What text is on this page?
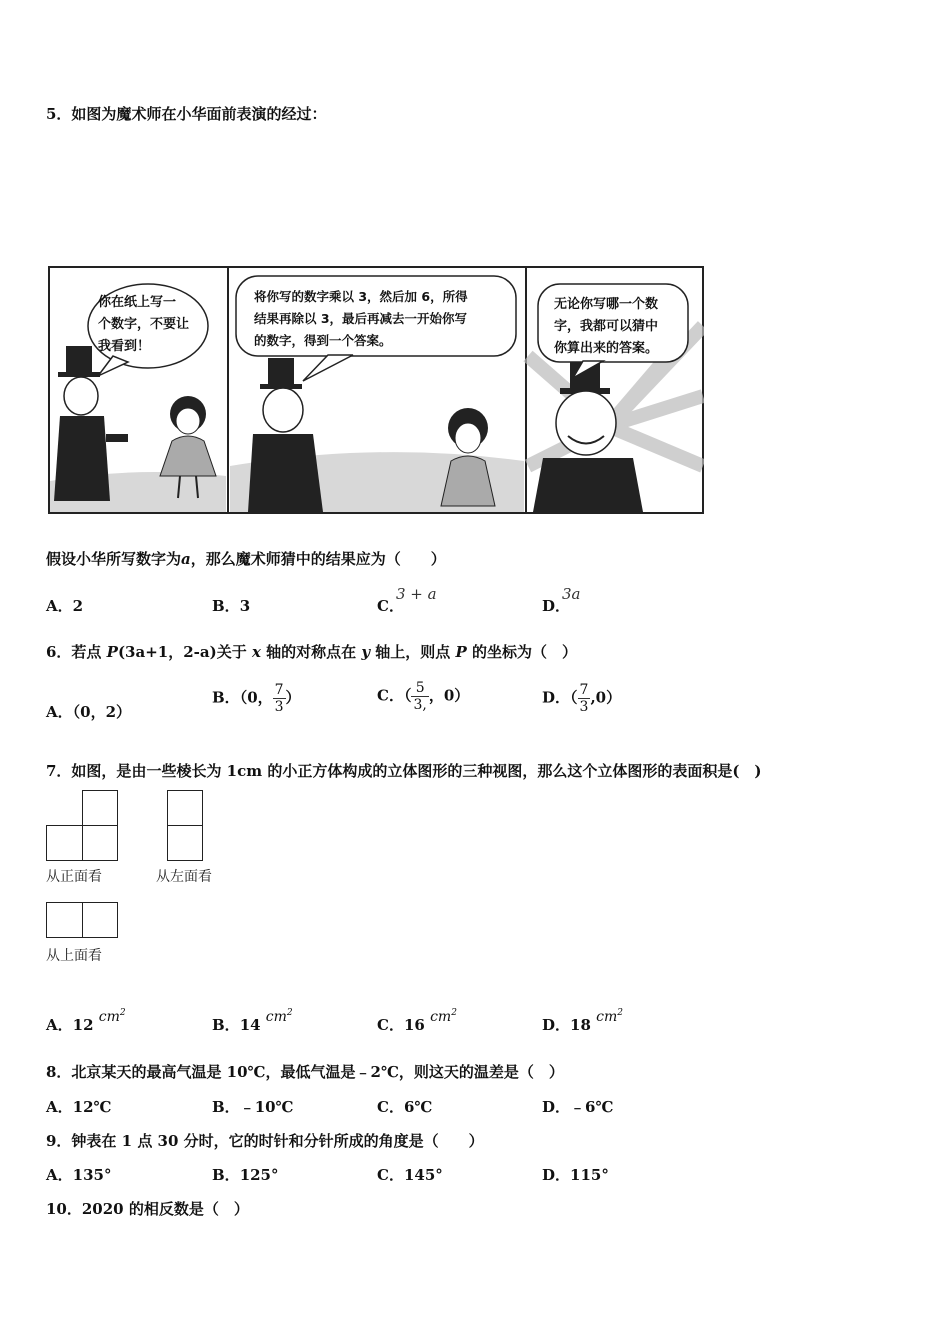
5．如图为魔术师在小华面前表演的经过：
你在纸上写一
个数字，不要让
我看到！
将你写的数字乘以 3，然后加 6，所得
结果再除以 3，最后再减去一开始你写
的数字，得到一个答案。
无论你写哪一个数
字，我都可以猜中
你算出来的答案。
假设小华所写数字为a，那么魔术师猜中的结果应为（　　）
A．2	B．3	C．3 + a
D．3a
6．若点 P(3a+1，2-a)关于 x 轴的对称点在 y 轴上，则点 P 的坐标为（　）
A．（0，2）
B．（0， $\frac{7}{3}$ ）	C．（ $\frac{5}{3,}$ ，0）	D．（ $\frac{7}{3} ,0$）
7．如图，是由一些棱长为 1cm 的小正方体构成的立体图形的三种视图，那么这个立体图形的表面积是(　)
从正面看	从左面看
从上面看
A．12 $cm^2$
B．14 $cm^2$
C．16 $cm^2$
D．18 $cm^2$
8．北京某天的最高气温是 10℃，最低气温是﹣2℃，则这天的温差是（　）
A．12℃	B．﹣10℃	C．6℃	D．﹣6℃
9．钟表在 1 点 30 分时，它的时针和分针所成的角度是（　　）
A．135°	B．125°	C．145°	D．115°
10．2020 的相反数是（　）
